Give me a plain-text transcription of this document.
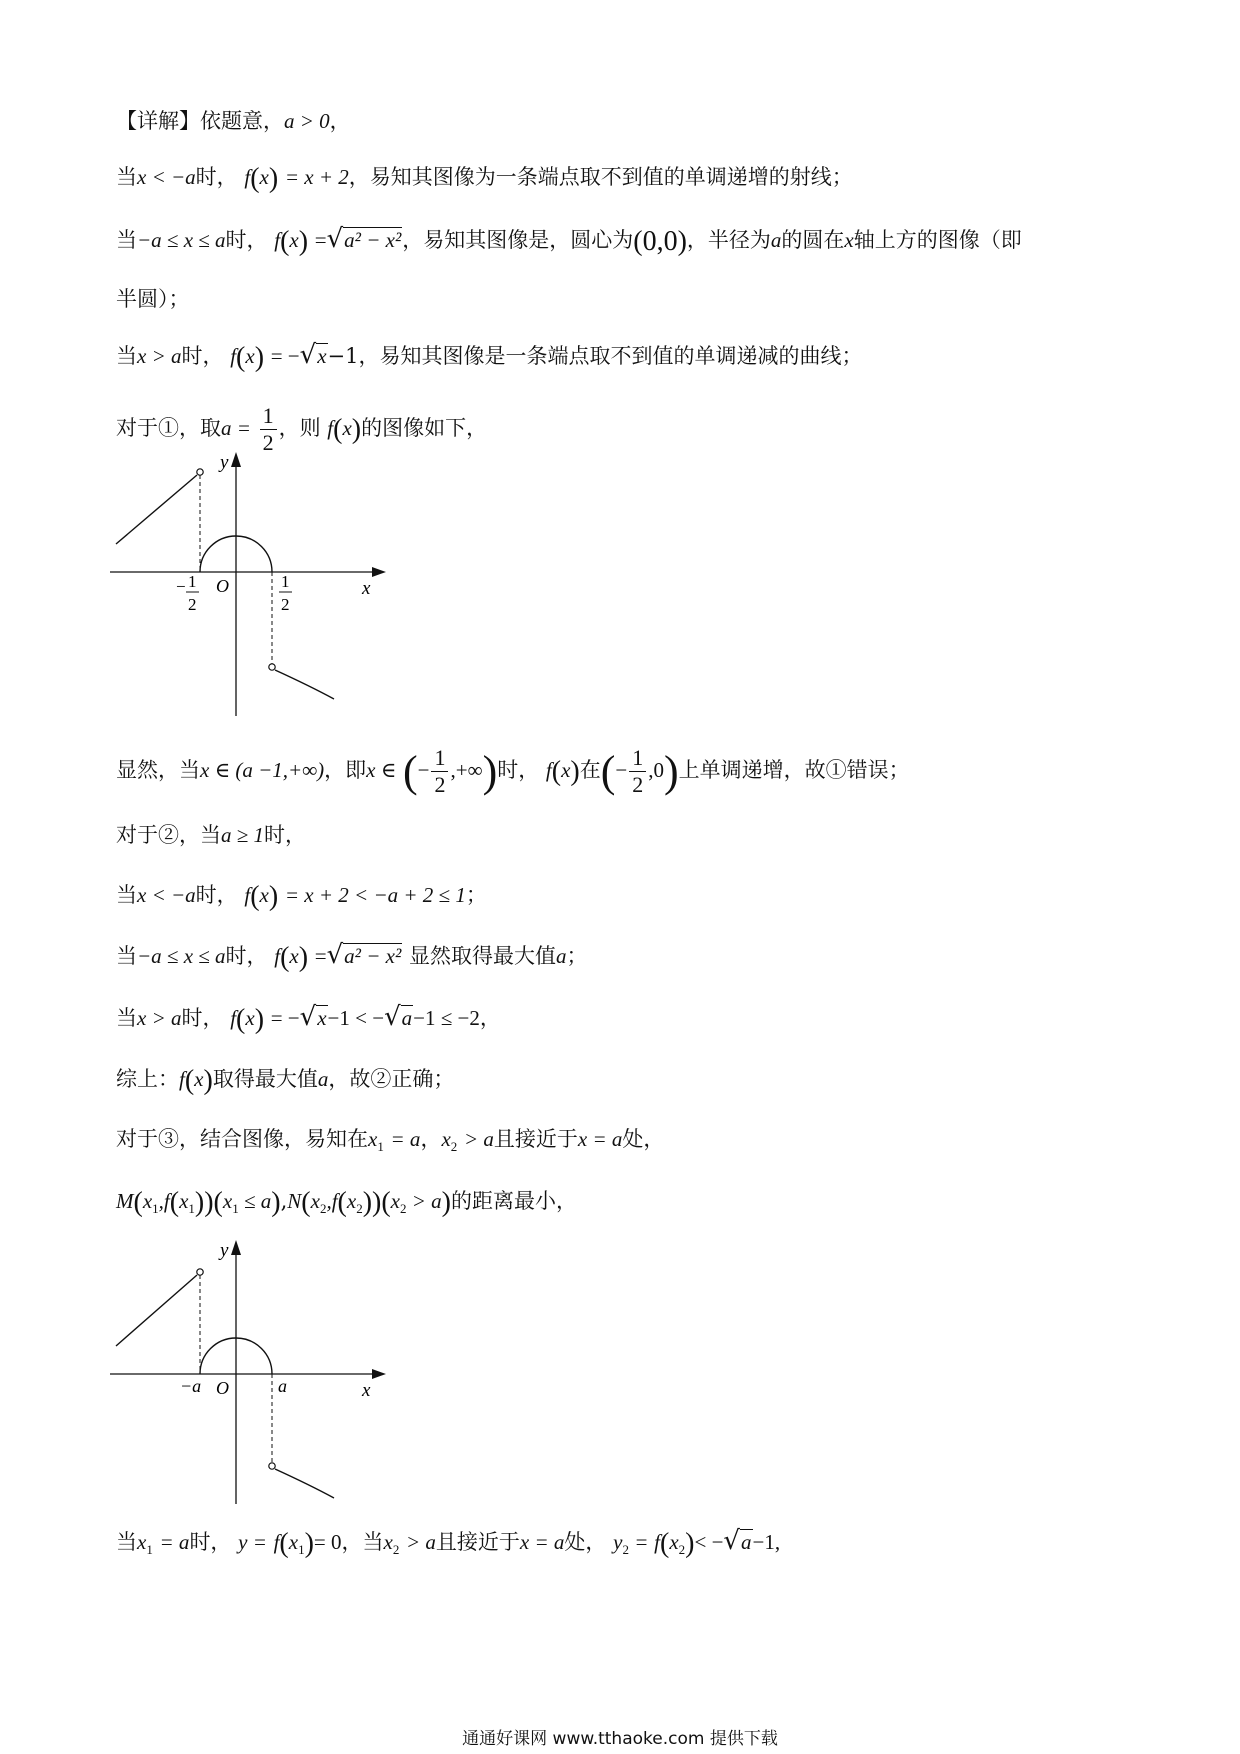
【详解】依题意，a > 0，
当x < −a时， f(x) = x + 2，易知其图像为一条端点取不到值的单调递增的射线；
当−a ≤ x ≤ a时， f(x) =√a² − x²，易知其图像是，圆心为(0,0)，半径为a的圆在x轴上方的图像（即
半圆）；
当x > a时， f(x) = −√x−1，易知其图像是一条端点取不到值的单调递减的曲线；
对于①，取$a = \frac{1}{2}$ ，则 f(x)的图像如下，
y
x
O
− 1
2
1
2
显然，当x ∈ (a −1,+∞)，即x ∈ (− $\frac{1}{2}$ ,+∞)时， f(x)在(− $\frac{1}{2} ,0$)上单调递增，故①错误；
对于②，当a ≥ 1时，
当x < −a时， f(x) = x + 2 < −a + 2 ≤ 1；
当−a ≤ x ≤ a时， f(x) =√a² − x² 显然取得最大值a；
当x > a时， f(x) = −√x−1 < −√a−1 ≤ −2，
综上：f(x)取得最大值a，故②正确；
对于③，结合图像，易知在$x_1 = a$，$x_2 > a$且接近于x = a处，
$M(x_1,f(x_1))(x_1 \le a),N(x_2,f(x_2))(x_2 > a)$的距离最小，
y
x
O
−a	a
当$x_1 = a$时， $y = f(x_1)= 0$，当$x_2 > a$且接近于x = a处， $y_2 = f(x_2)< -√a-1$,
通通好课网 www.tthaoke.com 提供下载
